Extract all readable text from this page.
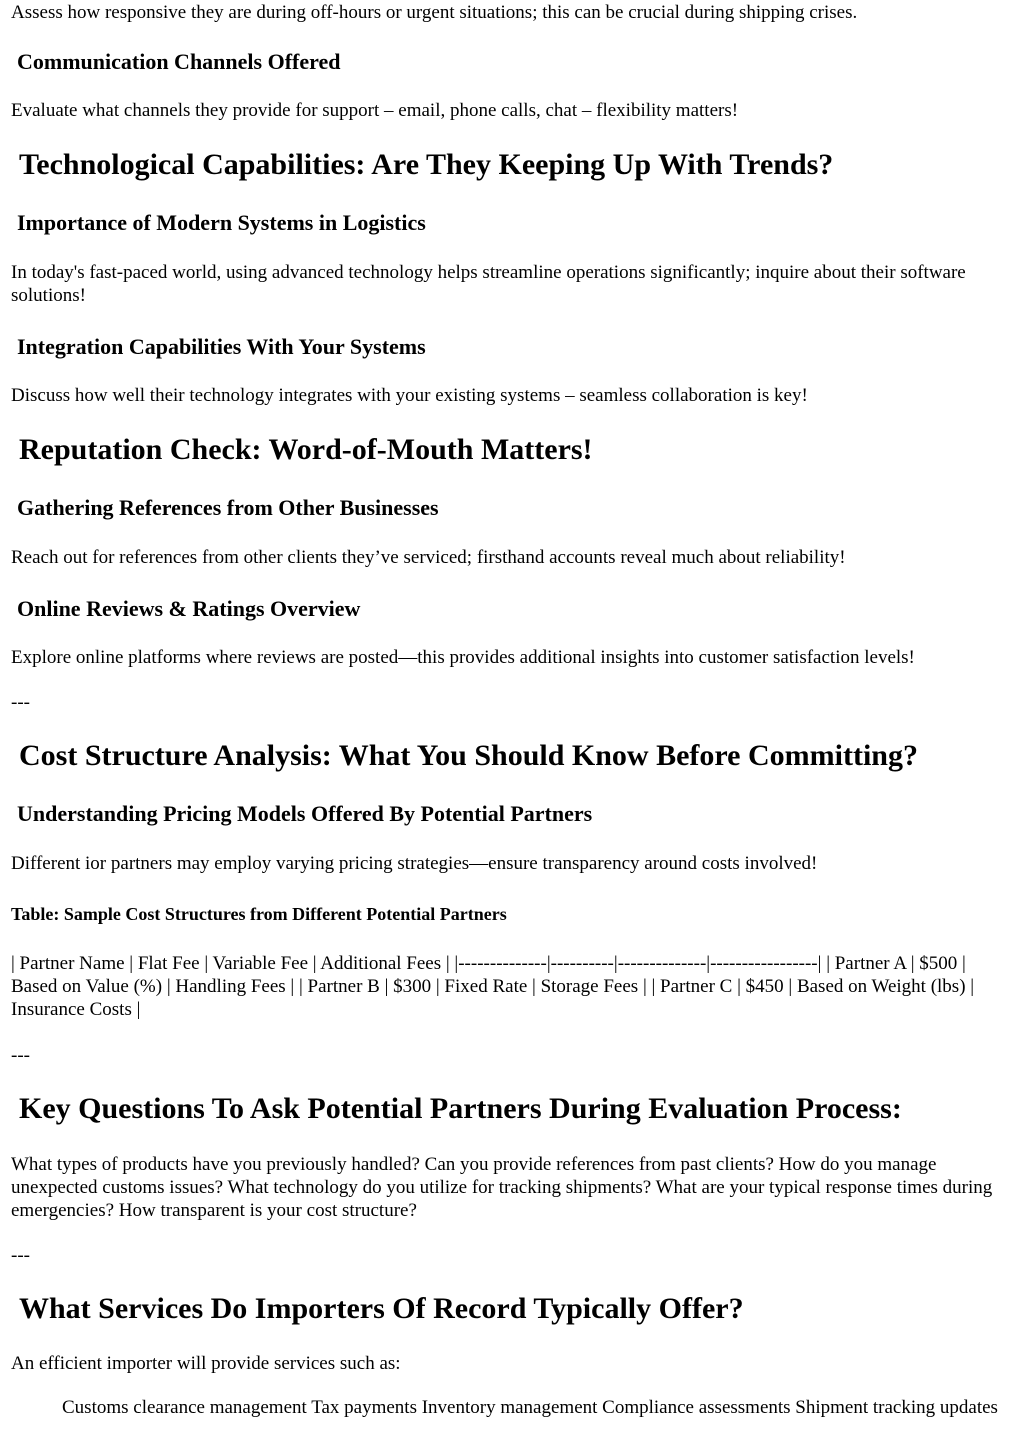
Assess how responsive they are during off-hours or urgent situations; this can be crucial during shipping crises.

Communication Channels Offered

Evaluate what channels they provide for support – email, phone calls, chat – flexibility matters!

Technological Capabilities: Are They Keeping Up With Trends?
Importance of Modern Systems in Logistics

In today's fast-paced world, using advanced technology helps streamline operations significantly; inquire about their software solutions!

Integration Capabilities With Your Systems

Discuss how well their technology integrates with your existing systems – seamless collaboration is key!

Reputation Check: Word-of-Mouth Matters!
Gathering References from Other Businesses

Reach out for references from other clients they’ve serviced; firsthand accounts reveal much about reliability!

Online Reviews & Ratings Overview

Explore online platforms where reviews are posted—this provides additional insights into customer satisfaction levels!

---

Cost Structure Analysis: What You Should Know Before Committing?
Understanding Pricing Models Offered By Potential Partners

Different ior partners may employ varying pricing strategies—ensure transparency around costs involved!

Table: Sample Cost Structures from Different Potential Partners

| Partner Name | Flat Fee | Variable Fee | Additional Fees | |--------------|----------|--------------|-----------------| | Partner A | $500 | Based on Value (%) | Handling Fees | | Partner B | $300 | Fixed Rate | Storage Fees | | Partner C | $450 | Based on Weight (lbs) | Insurance Costs |

---

Key Questions To Ask Potential Partners During Evaluation Process:

What types of products have you previously handled? Can you provide references from past clients? How do you manage unexpected customs issues? What technology do you utilize for tracking shipments? What are your typical response times during emergencies? How transparent is your cost structure?

---

What Services Do Importers Of Record Typically Offer?

An efficient importer will provide services such as:

Customs clearance management Tax payments Inventory management Compliance assessments Shipment tracking updates
